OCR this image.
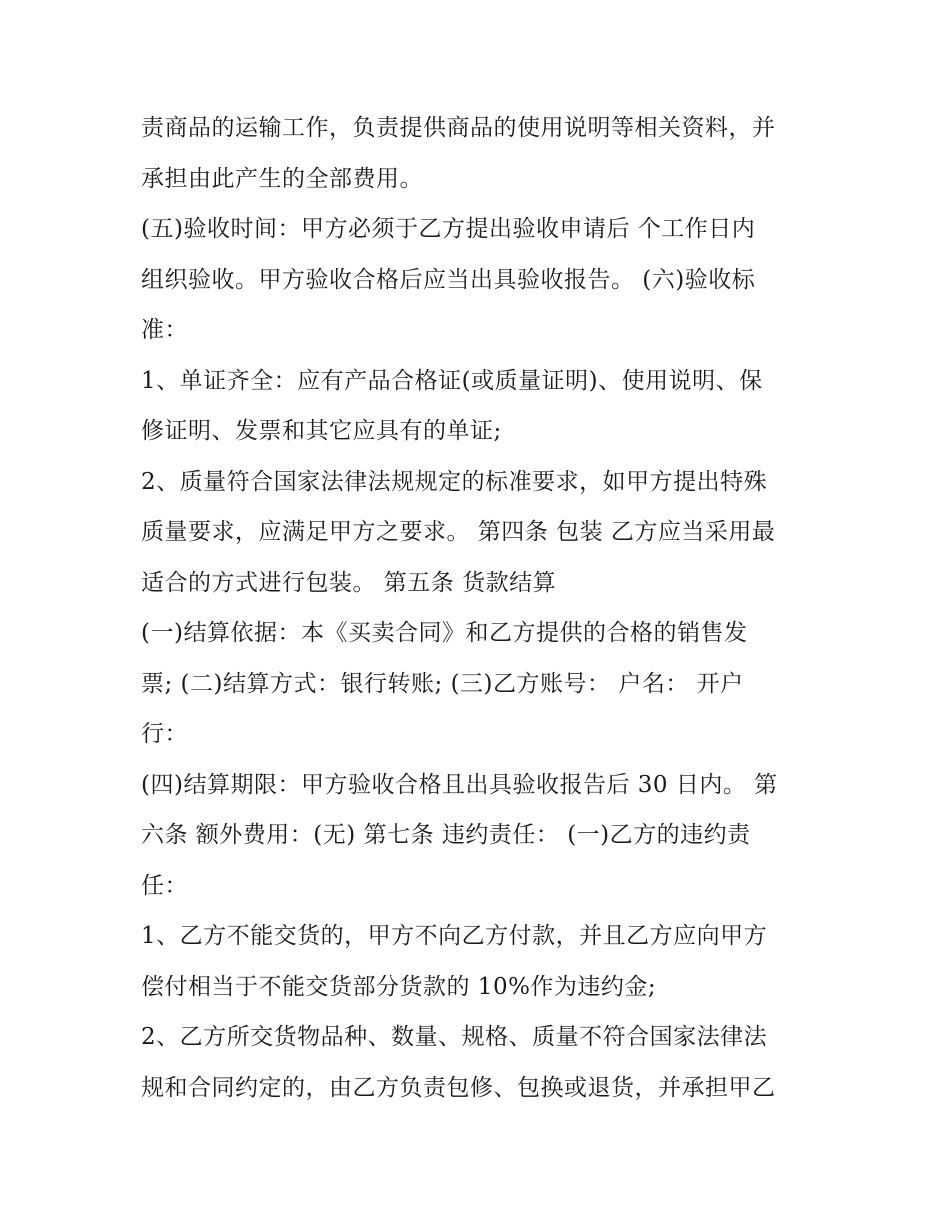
责商品的运输工作，负责提供商品的使用说明等相关资料，并
承担由此产生的全部费用。
(五)验收时间：甲方必须于乙方提出验收申请后 个工作日内
组织验收。甲方验收合格后应当出具验收报告。 (六)验收标
准：
1、单证齐全：应有产品合格证(或质量证明)、使用说明、保
修证明、发票和其它应具有的单证;
2、质量符合国家法律法规规定的标准要求，如甲方提出特殊
质量要求，应满足甲方之要求。 第四条 包装 乙方应当采用最
适合的方式进行包装。 第五条 货款结算
(一)结算依据：本《买卖合同》和乙方提供的合格的销售发
票; (二)结算方式：银行转账; (三)乙方账号： 户名： 开户
行：
(四)结算期限：甲方验收合格且出具验收报告后 30 日内。 第
六条 额外费用：(无) 第七条 违约责任： (一)乙方的违约责
任：
1、乙方不能交货的，甲方不向乙方付款，并且乙方应向甲方
偿付相当于不能交货部分货款的 10%作为违约金;
2、乙方所交货物品种、数量、规格、质量不符合国家法律法
规和合同约定的，由乙方负责包修、包换或退货，并承担甲乙
